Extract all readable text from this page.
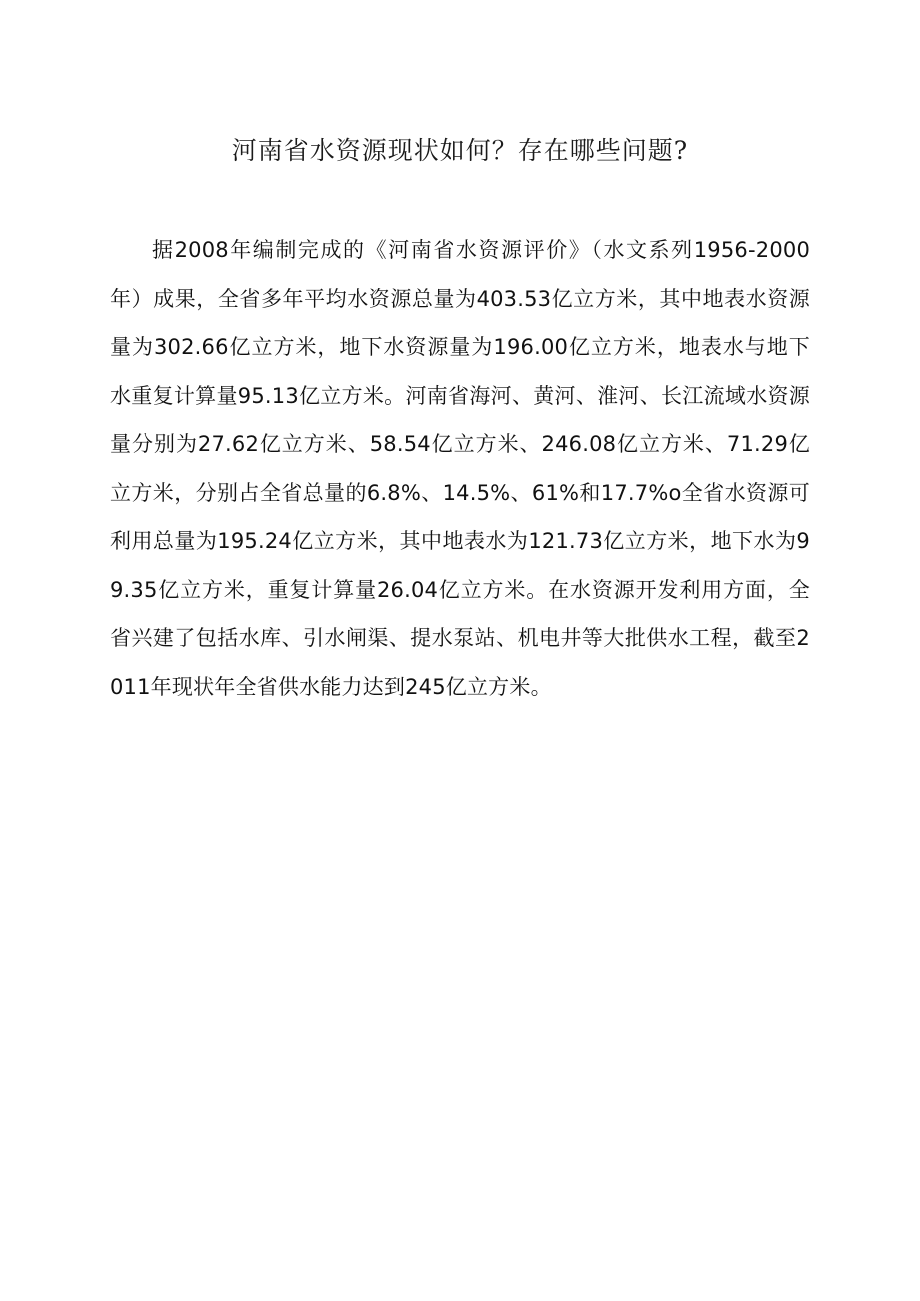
河南省水资源现状如何？存在哪些问题?

据2008年编制完成的《河南省水资源评价》（水文系列1956-2000年）成果，全省多年平均水资源总量为403.53亿立方米，其中地表水资源量为302.66亿立方米，地下水资源量为196.00亿立方米，地表水与地下水重复计算量95.13亿立方米。河南省海河、黄河、淮河、长江流域水资源量分别为27.62亿立方米、58.54亿立方米、246.08亿立方米、71.29亿立方米，分别占全省总量的6.8%、14.5%、61%和17.7%o全省水资源可利用总量为195.24亿立方米，其中地表水为121.73亿立方米，地下水为99.35亿立方米，重复计算量26.04亿立方米。在水资源开发利用方面，全省兴建了包括水库、引水闸渠、提水泵站、机电井等大批供水工程，截至2011年现状年全省供水能力达到245亿立方米。
